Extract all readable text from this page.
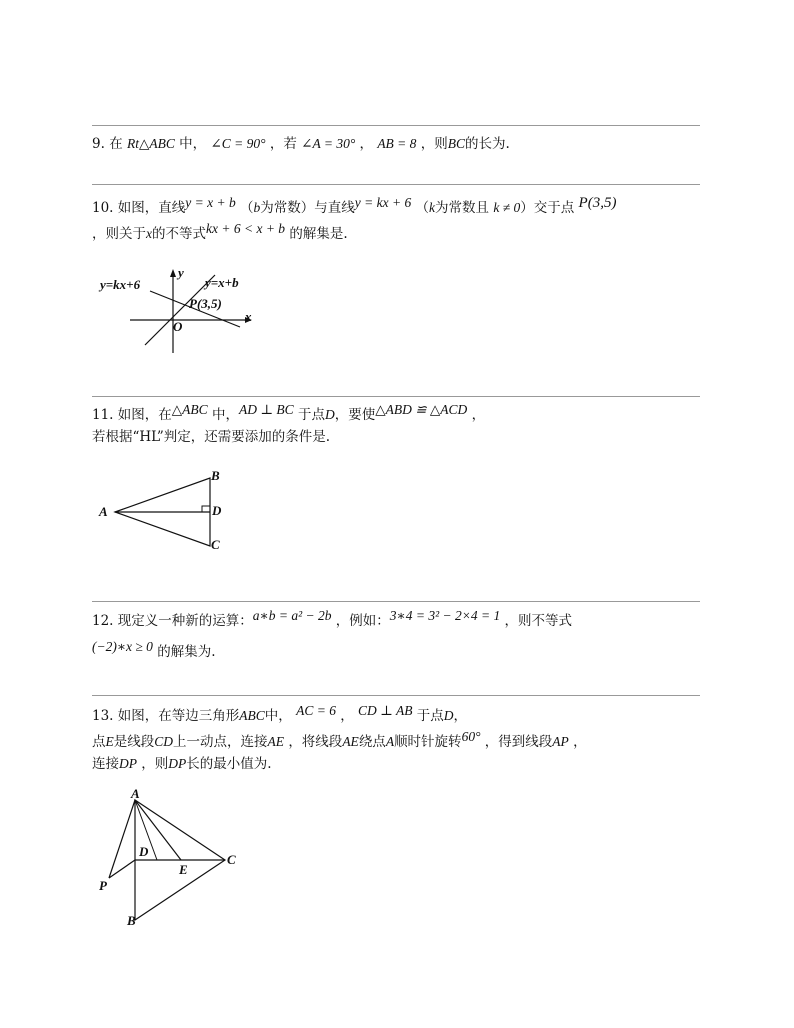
9. 在 Rt△ABC 中， ∠C = 90° ，若 ∠A = 30° ， AB = 8 ，则BC的长为.
10. 如图，直线y = x + b （b为常数）与直线y = kx + 6 （k为常数且 k ≠ 0）交于点 P(3,5)
，则关于x的不等式kx + 6 < x + b 的解集是.
y=kx+6
y
y=x+b
P(3,5)
O
x
11. 如图，在△ABC 中，AD ⊥ BC 于点D，要使△ABD ≌ △ACD ，
若根据“HL”判定，还需要添加的条件是.
B
A	D
C
12. 现定义一种新的运算：a∗b = a² − 2b ，例如：3∗4 = 3² − 2×4 = 1 ，则不等式
(−2)∗x ≥ 0 的解集为.
13. 如图，在等边三角形ABC中， AC = 6 ， CD ⊥ AB 于点D，
点E是线段CD上一动点，连接AE ，将线段AE绕点A顺时针旋转60° ，得到线段AP ，
连接DP ，则DP长的最小值为.
A
D
E
C
P
B
